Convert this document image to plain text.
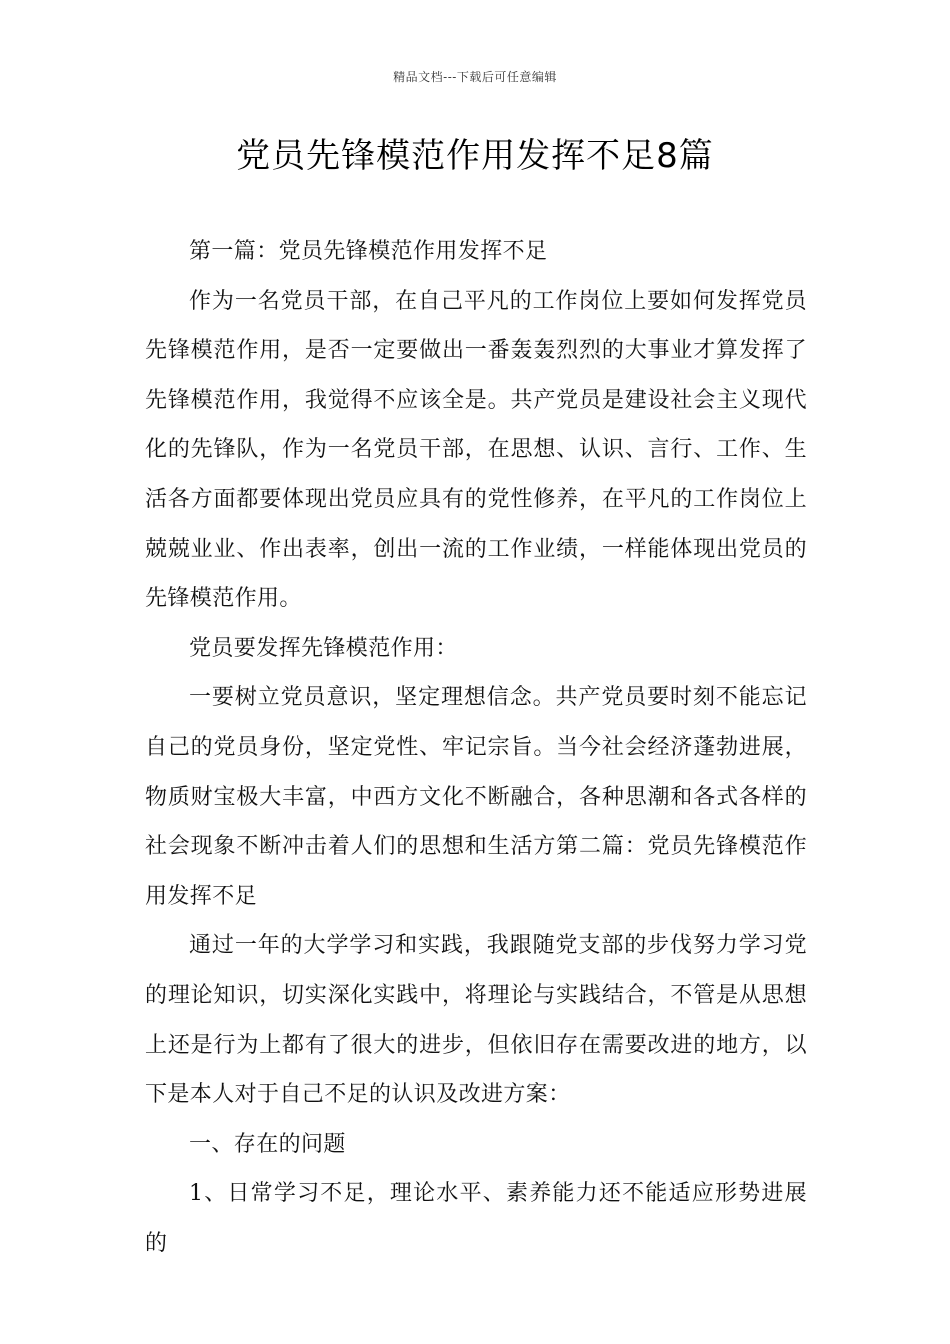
精品文档---下载后可任意编辑
党员先锋模范作用发挥不足8篇

第一篇：党员先锋模范作用发挥不足

作为一名党员干部，在自己平凡的工作岗位上要如何发挥党员先锋模范作用，是否一定要做出一番轰轰烈烈的大事业才算发挥了先锋模范作用，我觉得不应该全是。共产党员是建设社会主义现代化的先锋队，作为一名党员干部，在思想、认识、言行、工作、生活各方面都要体现出党员应具有的党性修养，在平凡的工作岗位上兢兢业业、作出表率，创出一流的工作业绩，一样能体现出党员的先锋模范作用。

党员要发挥先锋模范作用：

一要树立党员意识，坚定理想信念。共产党员要时刻不能忘记自己的党员身份，坚定党性、牢记宗旨。当今社会经济蓬勃进展，物质财宝极大丰富，中西方文化不断融合，各种思潮和各式各样的社会现象不断冲击着人们的思想和生活方第二篇：党员先锋模范作用发挥不足

通过一年的大学学习和实践，我跟随党支部的步伐努力学习党的理论知识，切实深化实践中，将理论与实践结合，不管是从思想上还是行为上都有了很大的进步，但依旧存在需要改进的地方，以下是本人对于自己不足的认识及改进方案：

一、存在的问题

1、日常学习不足，理论水平、素养能力还不能适应形势进展的
